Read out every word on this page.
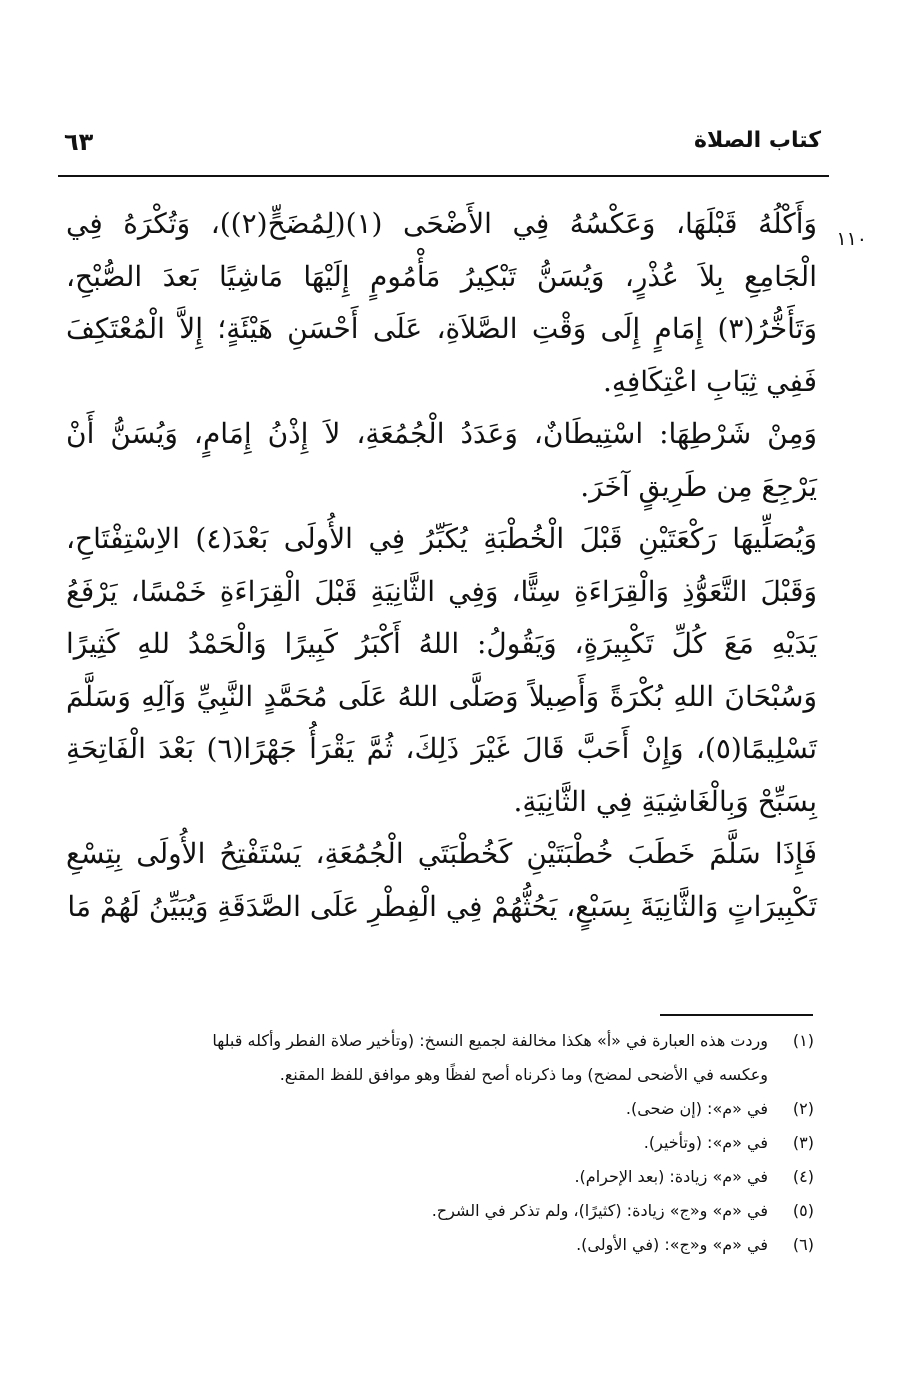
كتاب الصلاة
٦٣
١١٠

وَأَكْلُهُ قَبْلَهَا، وَعَكْسُهُ فِي الأَضْحَى (١)(لِمُضَحٍّ(٢))، وَتُكْرَهُ فِي الْجَامِعِ بِلاَ عُذْرٍ، وَيُسَنُّ تَبْكِيرُ مَأْمُومٍ إِلَيْهَا مَاشِيًا بَعدَ الصُّبْحِ، وَتَأَخُّرُ(٣) إِمَامٍ إِلَى وَقْتِ الصَّلاَةِ، عَلَى أَحْسَنِ هَيْئَةٍ؛ إِلاَّ الْمُعْتَكِفَ فَفِي ثِيَابِ اعْتِكَافِهِ.

وَمِنْ شَرْطِهَا: اسْتِيطَانٌ، وَعَدَدُ الْجُمُعَةِ، لاَ إِذْنُ إِمَامٍ، وَيُسَنُّ أَنْ يَرْجِعَ مِن طَرِيقٍ آخَرَ.

وَيُصَلِّيهَا رَكْعَتَيْنِ قَبْلَ الْخُطْبَةِ يُكَبِّرُ فِي الأُولَى بَعْدَ(٤) الاِسْتِفْتَاحِ، وَقَبْلَ التَّعَوُّذِ وَالْقِرَاءَةِ سِتًّا، وَفِي الثَّانِيَةِ قَبْلَ الْقِرَاءَةِ خَمْسًا، يَرْفَعُ يَدَيْهِ مَعَ كُلِّ تَكْبِيرَةٍ، وَيَقُولُ: اللهُ أَكْبَرُ كَبِيرًا وَالْحَمْدُ للهِ كَثِيرًا وَسُبْحَانَ اللهِ بُكْرَةً وَأَصِيلاً وَصَلَّى اللهُ عَلَى مُحَمَّدٍ النَّبِيِّ وَآلِهِ وَسَلَّمَ تَسْلِيمًا(٥)، وَإِنْ أَحَبَّ قَالَ غَيْرَ ذَلِكَ، ثُمَّ يَقْرَأُ جَهْرًا(٦) بَعْدَ الْفَاتِحَةِ بِسَبِّحْ وَبِالْغَاشِيَةِ فِي الثَّانِيَةِ.

فَإِذَا سَلَّمَ خَطَبَ خُطْبَتَيْنِ كَخُطْبَتَي الْجُمُعَةِ، يَسْتَفْتِحُ الأُولَى بِتِسْعِ تَكْبِيرَاتٍ وَالثَّانِيَةَ بِسَبْعٍ، يَحُثُّهُمْ فِي الْفِطْرِ عَلَى الصَّدَقَةِ وَيُبَيِّنُ لَهُمْ مَا

(١)
وردت هذه العبارة في «أ» هكذا مخالفة لجميع النسخ: (وتأخير صلاة الفطر وأكله قبلها
وعكسه في الأضحى لمضح) وما ذكرناه أصح لفظًا وهو موافق للفظ المقنع.
(٢)
في «م»: (إن ضحى).
(٣)
في «م»: (وتأخير).
(٤)
في «م» زيادة: (بعد الإحرام).
(٥)
في «م» و«ج» زيادة: (كثيرًا)، ولم تذكر في الشرح.
(٦)
في «م» و«ج»: (في الأولى).
